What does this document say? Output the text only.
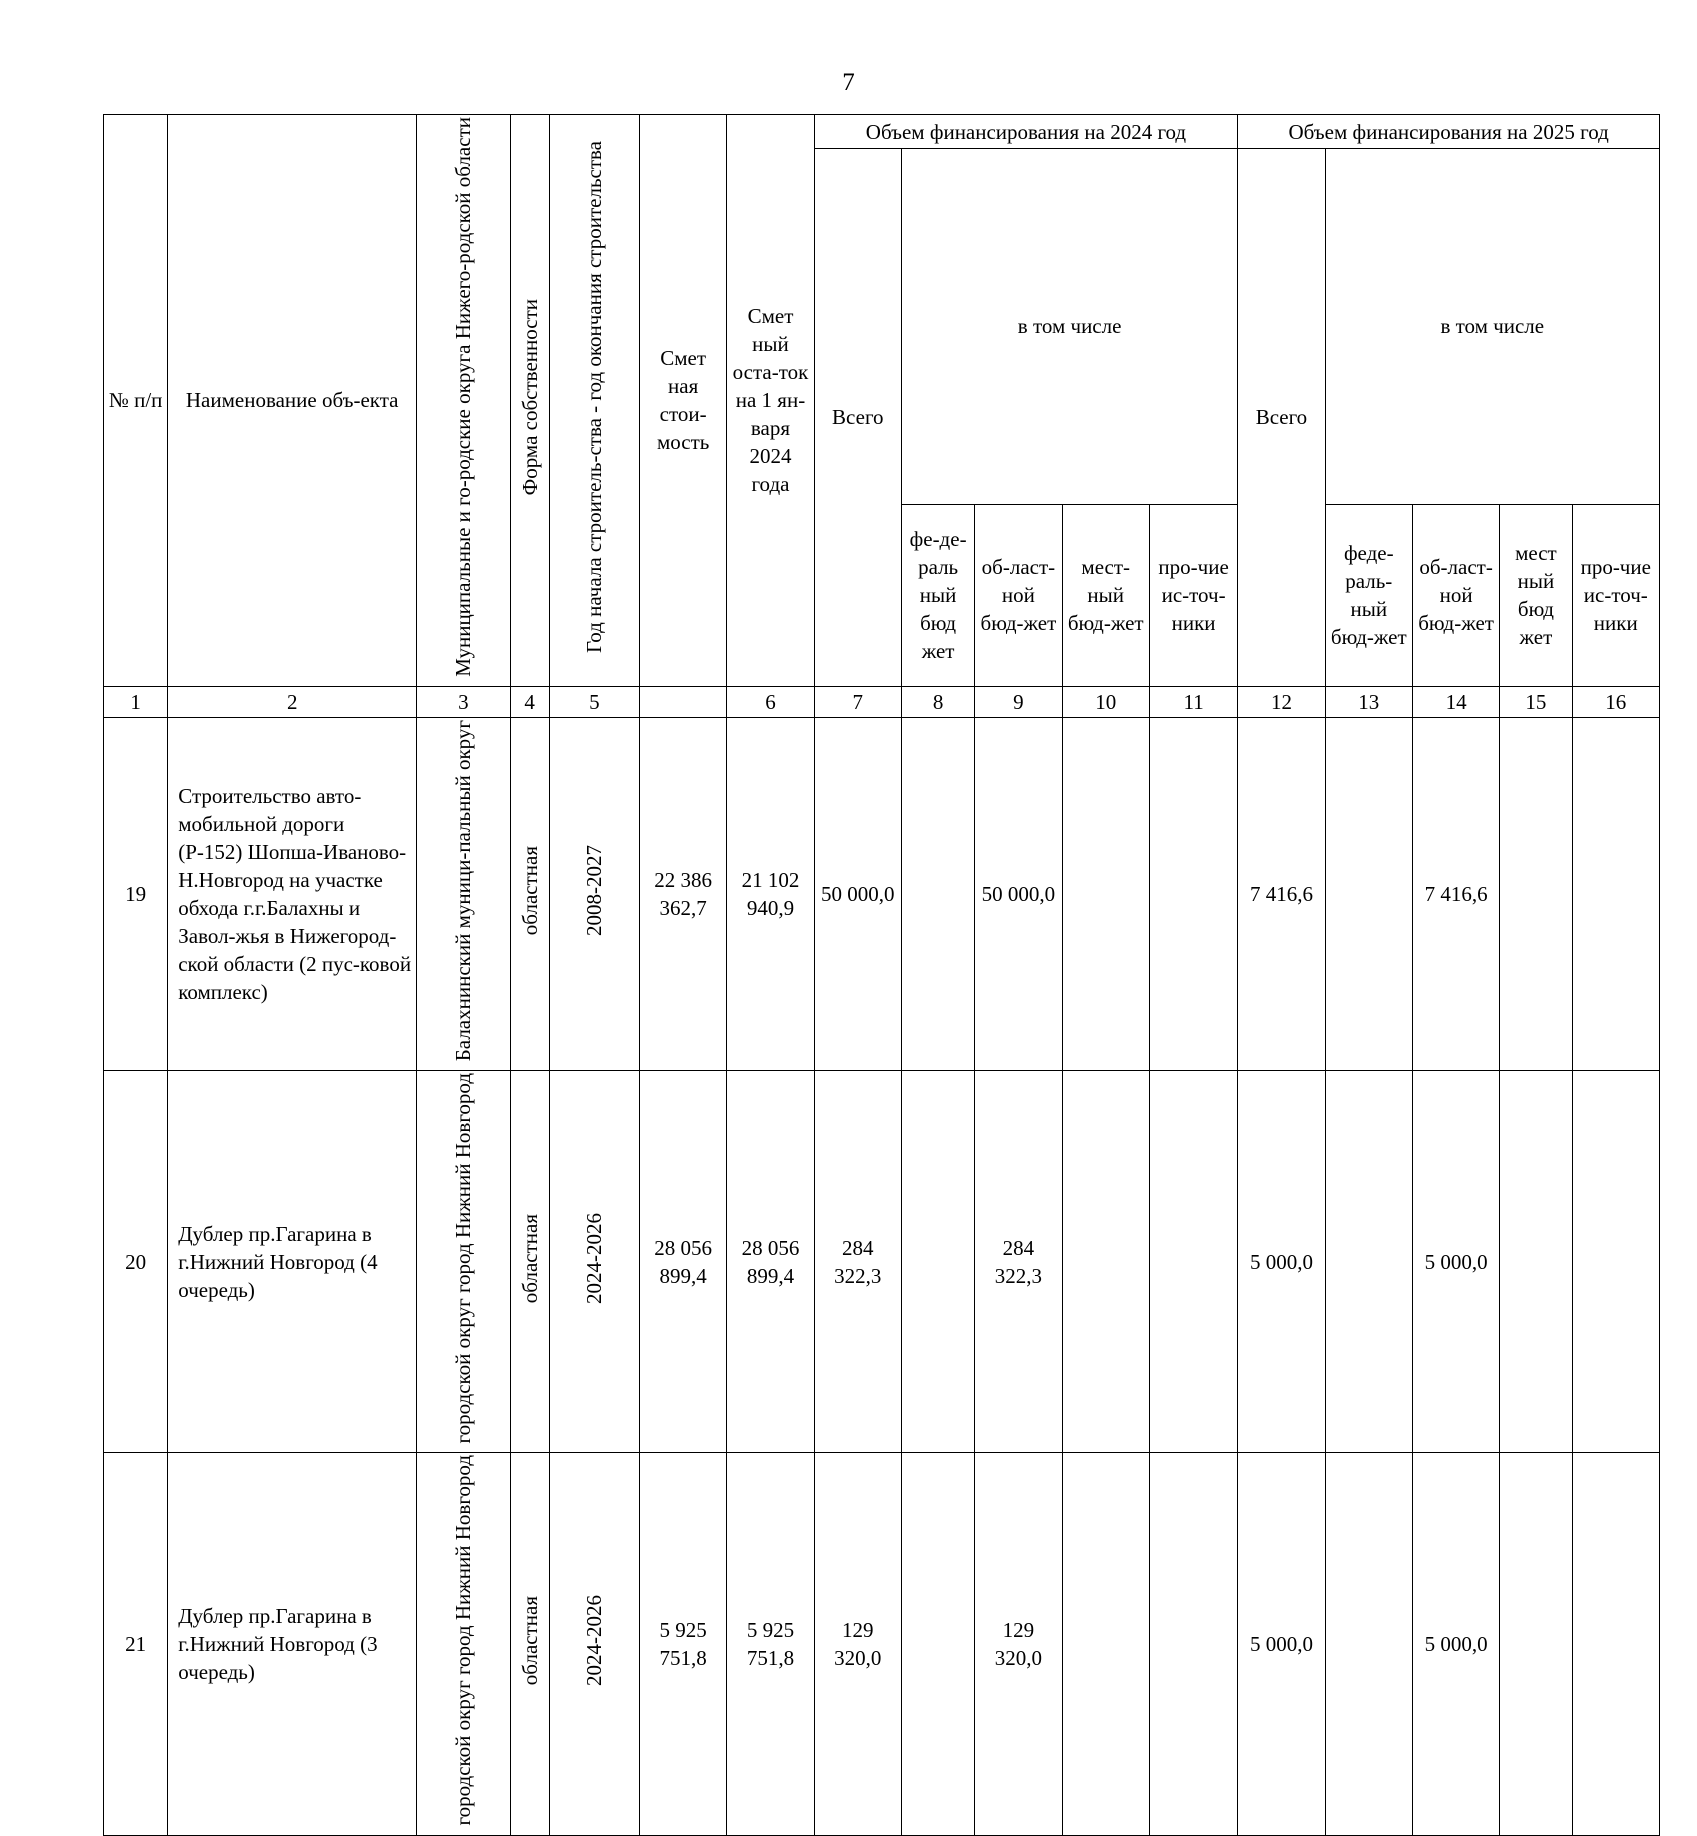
7
№ п/п	Наименование объ-екта	Муниципальные и го-родские округа Нижего-родской области	Форма собственности	Год начала строитель-ства - год окончания строительства	Смет ная стои-мость	Смет ный оста-ток на 1 ян-варя 2024 года	Объем финансирования на 2024 год					Объем финансирования на 2025 год				
							Всего	в том числе				Всего	в том числе			
								фе-де-раль ный бюд жет	об-ласт-ной бюд-жет	мест-ный бюд-жет	про-чие ис-точ-ники		феде-раль-ный бюд-жет	об-ласт-ной бюд-жет	мест ный бюд жет	про-чие ис-точ-ники
1	2	3	4	5		6	7	8	9	10	11	12	13	14	15	16
19	Строительство авто-мобильной дороги (Р-152) Шопша-Иваново-Н.Новгород на участке обхода г.г.Балахны и Завол-жья в Нижегород-ской области (2 пус-ковой комплекс)	Балахнинский муници-пальный округ	областная	2008-2027	22 386 362,7	21 102 940,9	50 000,0		50 000,0			7 416,6		7 416,6		
20	Дублер пр.Гагарина в г.Нижний Новгород (4 очередь)	городской округ город Нижний Новгород	областная	2024-2026	28 056 899,4	28 056 899,4	284 322,3		284 322,3			5 000,0		5 000,0		
21	Дублер пр.Гагарина в г.Нижний Новгород (3 очередь)	городской округ город Нижний Новгород	областная	2024-2026	5 925 751,8	5 925 751,8	129 320,0		129 320,0			5 000,0		5 000,0		
